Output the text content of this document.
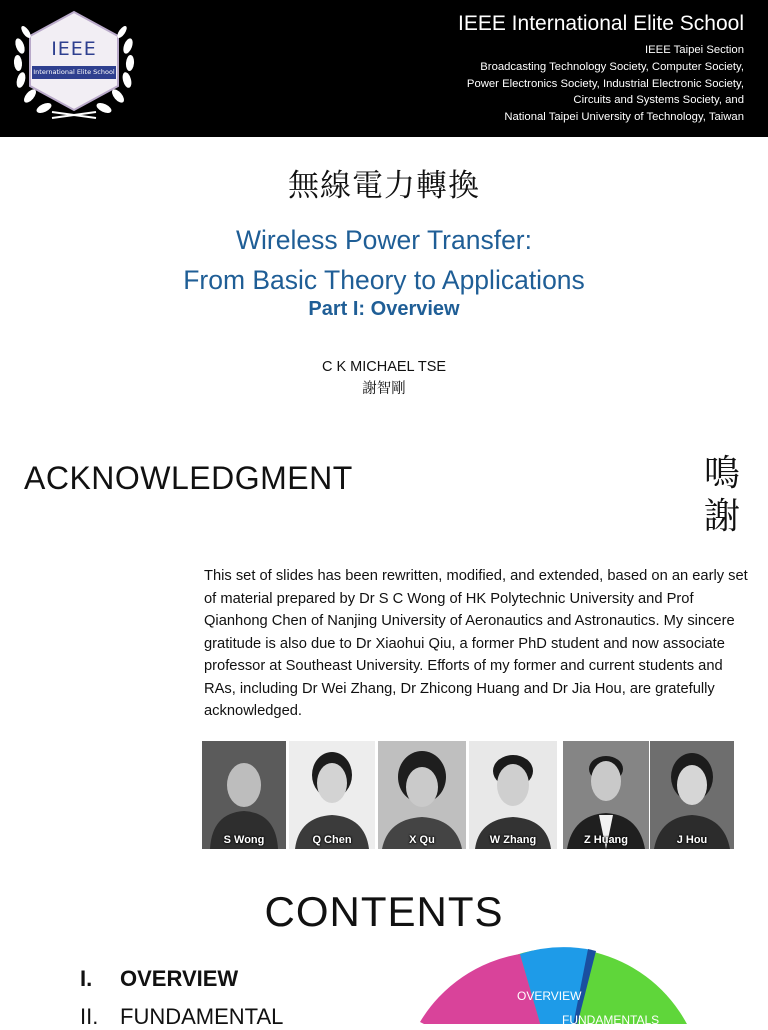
IEEE
International Elite School
IEEE International Elite School
IEEE Taipei Section
Broadcasting Technology Society, Computer Society,
Power Electronics Society, Industrial Electronic Society,
Circuits and Systems Society, and
National Taipei University of Technology, Taiwan
無線電力轉換
Wireless Power Transfer:
From Basic Theory to Applications
Part I: Overview
C K MICHAEL TSE
謝智剛
ACKNOWLEDGMENT	鳴
謝
This set of slides has been rewritten, modified, and extended, based on an early set of material prepared by Dr S C Wong of HK Polytechnic University and Prof Qianhong Chen of Nanjing University of Aeronautics and Astronautics. My sincere gratitude is also due to Dr Xiaohui Qiu, a former PhD student and now associate professor at Southeast University. Efforts of my former and current students and RAs, including Dr Wei Zhang, Dr Zhicong Huang and Dr Jia Hou, are gratefully acknowledged.
S Wong	Q Chen	X Qu	W Zhang	Z Huang	J Hou
CONTENTS
I. OVERVIEW
II. FUNDAMENTAL
OVERVIEW
FUNDAMENTALS
